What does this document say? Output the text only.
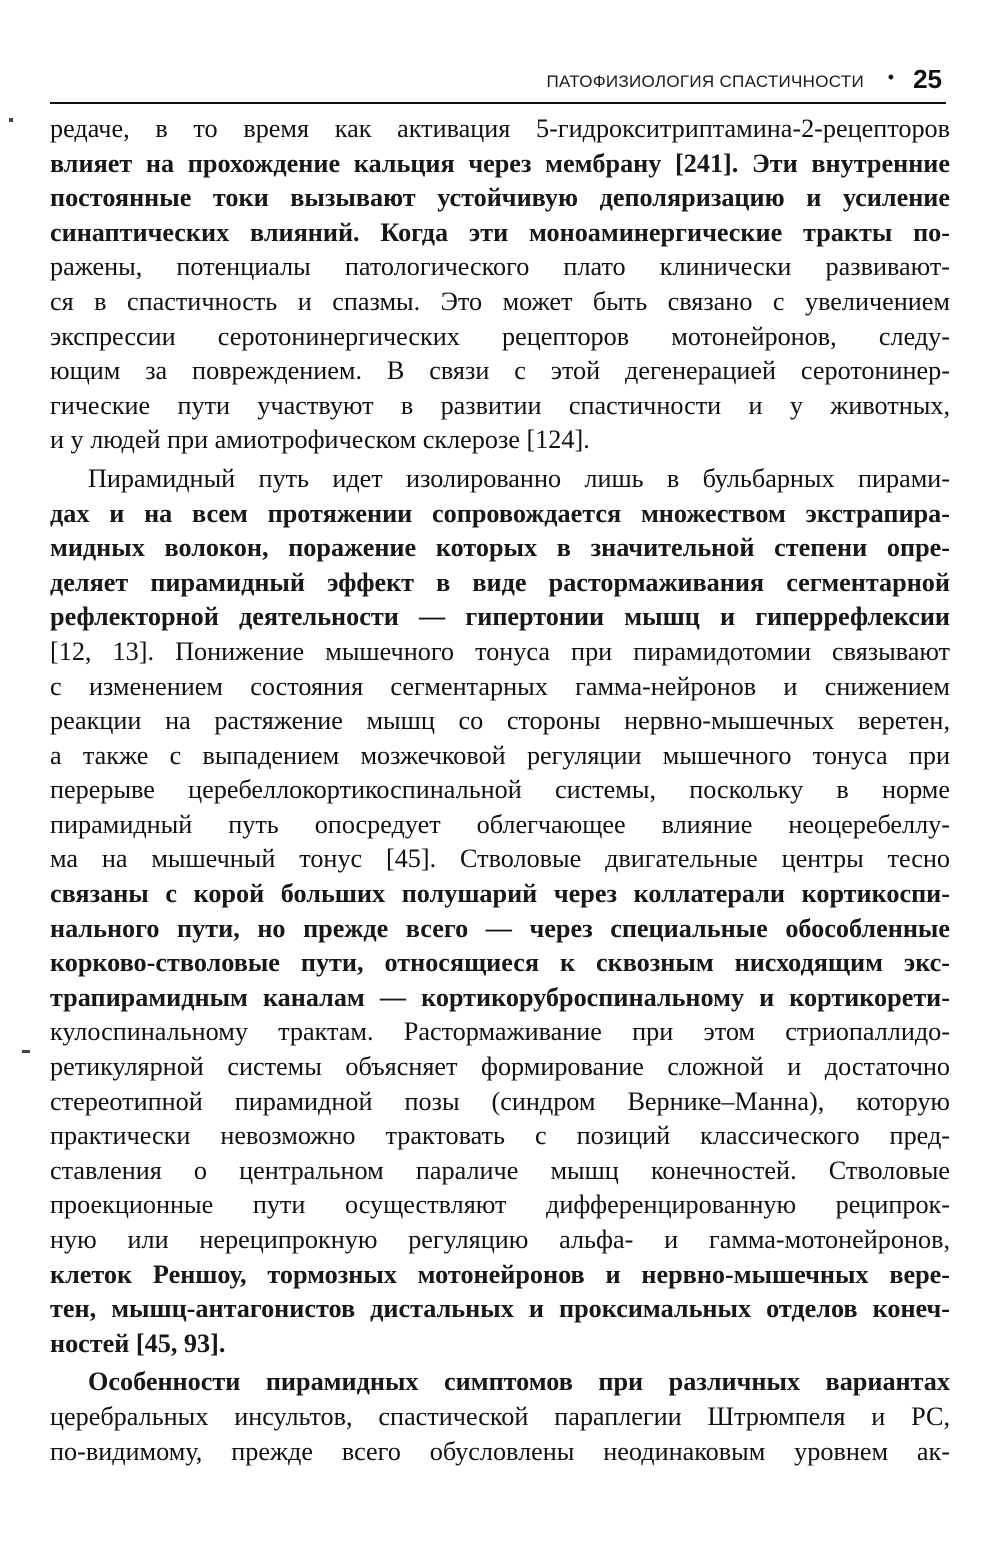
ПАТОФИЗИОЛОГИЯ СПАСТИЧНОСТИ • 25
редаче, в то время как активация 5-гидрокситриптамина-2-рецепторов
влияет на прохождение кальция через мембрану [241]. Эти внутренние
постоянные токи вызывают устойчивую деполяризацию и усиление
синаптических влияний. Когда эти моноаминергические тракты по-
ражены, потенциалы патологического плато клинически развивают-
ся в спастичность и спазмы. Это может быть связано с увеличением
экспрессии серотонинергических рецепторов мотонейронов, следу-
ющим за повреждением. В связи с этой дегенерацией серотонинер-
гические пути участвуют в развитии спастичности и у животных,
и у людей при амиотрофическом склерозе [124].
Пирамидный путь идет изолированно лишь в бульбарных пирами-
дах и на всем протяжении сопровождается множеством экстрапира-
мидных волокон, поражение которых в значительной степени опре-
деляет пирамидный эффект в виде растормаживания сегментарной
рефлекторной деятельности — гипертонии мышц и гиперрефлексии
[12, 13]. Понижение мышечного тонуса при пирамидотомии связывают
с изменением состояния сегментарных гамма-нейронов и снижением
реакции на растяжение мышц со стороны нервно-мышечных веретен,
а также с выпадением мозжечковой регуляции мышечного тонуса при
перерыве церебеллокортикоспинальной системы, поскольку в норме
пирамидный путь опосредует облегчающее влияние неоцеребеллу-
ма на мышечный тонус [45]. Стволовые двигательные центры тесно
связаны с корой больших полушарий через коллатерали кортикоспи-
нального пути, но прежде всего — через специальные обособленные
корково-стволовые пути, относящиеся к сквозным нисходящим экс-
трапирамидным каналам — кортикоруброспинальному и кортикорети-
кулоспинальному трактам. Растормаживание при этом стриопаллидо-
ретикулярной системы объясняет формирование сложной и достаточно
стереотипной пирамидной позы (синдром Вернике–Манна), которую
практически невозможно трактовать с позиций классического пред-
ставления о центральном параличе мышц конечностей. Стволовые
проекционные пути осуществляют дифференцированную реципрок-
ную или нереципрокную регуляцию альфа- и гамма-мотонейронов,
клеток Реншоу, тормозных мотонейронов и нервно-мышечных вере-
тен, мышц-антагонистов дистальных и проксимальных отделов конеч-
ностей [45, 93].
Особенности пирамидных симптомов при различных вариантах
церебральных инсультов, спастической параплегии Штрюмпеля и РС,
по-видимому, прежде всего обусловлены неодинаковым уровнем ак-
